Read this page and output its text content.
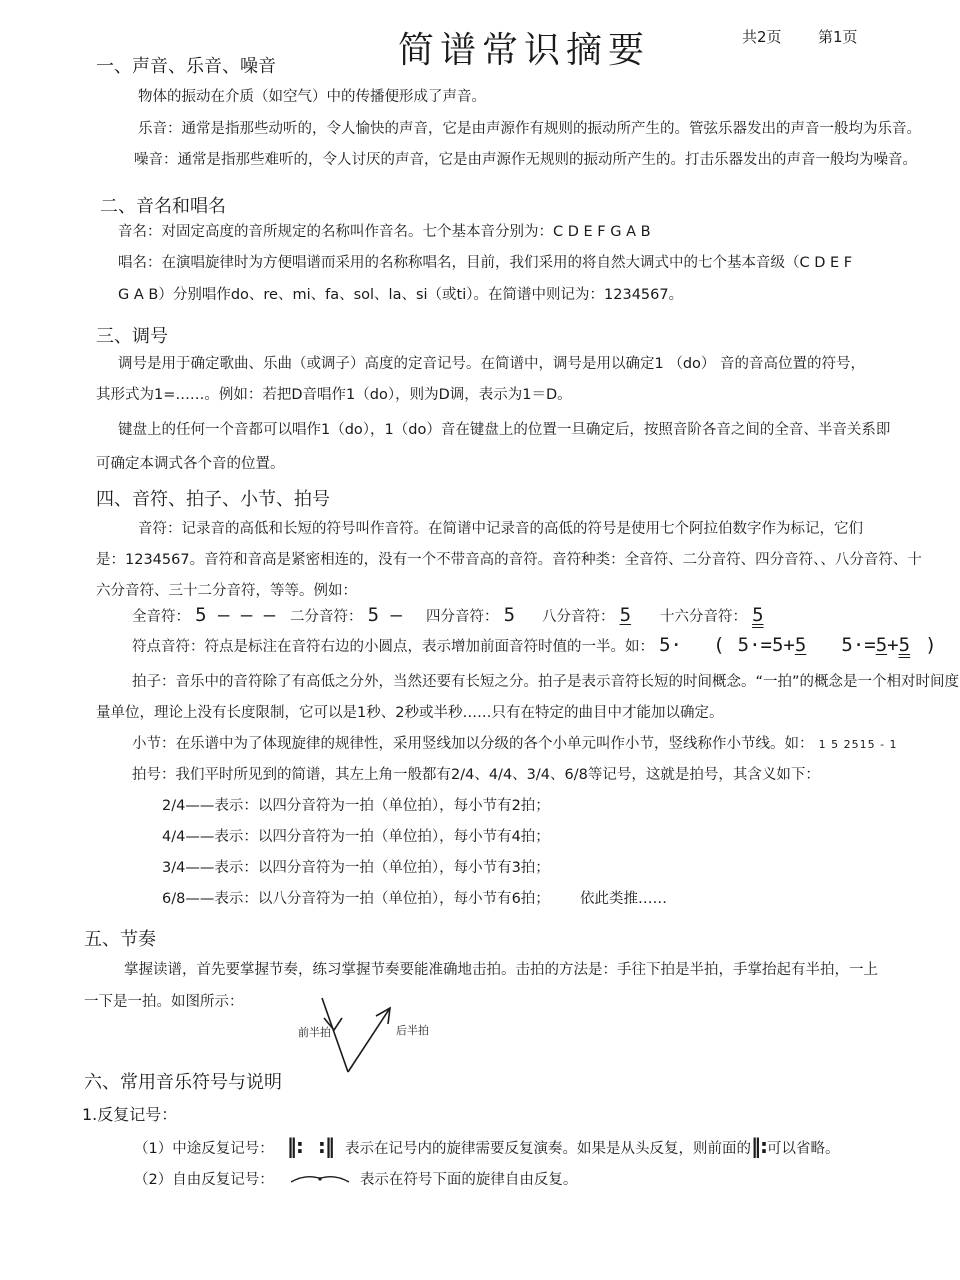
简谱常识摘要	共2页 第1页
一、声音、乐音、噪音
物体的振动在介质（如空气）中的传播便形成了声音。
乐音：通常是指那些动听的，令人愉快的声音，它是由声源作有规则的振动所产生的。管弦乐器发出的声音一般均为乐音。
噪音：通常是指那些难听的，令人讨厌的声音，它是由声源作无规则的振动所产生的。打击乐器发出的声音一般均为噪音。
二、音名和唱名
音名：对固定高度的音所规定的名称叫作音名。七个基本音分别为：C D E F G A B
唱名：在演唱旋律时为方便唱谱而采用的名称称唱名，目前，我们采用的将自然大调式中的七个基本音级（C D E F
G A B）分别唱作do、re、mi、fa、sol、la、si（或ti）。在简谱中则记为：1234567。
三、调号
调号是用于确定歌曲、乐曲（或调子）高度的定音记号。在简谱中，调号是用以确定1 （do） 音的音高位置的符号，
其形式为1=……。例如：若把D音唱作1（do），则为D调，表示为1＝D。
键盘上的任何一个音都可以唱作1（do），1（do）音在键盘上的位置一旦确定后，按照音阶各音之间的全音、半音关系即
可确定本调式各个音的位置。
四、音符、拍子、小节、拍号
音符：记录音的高低和长短的符号叫作音符。在简谱中记录音的高低的符号是使用七个阿拉伯数字作为标记，它们
是：1234567。音符和音高是紧密相连的，没有一个不带音高的音符。音符种类：全音符、二分音符、四分音符、、八分音符、十
六分音符、三十二分音符，等等。例如：
全音符： 5 — — — 二分音符： 5 — 四分音符： 5 八分音符： 5 十六分音符： 5
符点音符：符点是标注在音符右边的小圆点，表示增加前面音符时值的一半。如： 5· ( 5·=5+5 5·=5+5 )
拍子：音乐中的音符除了有高低之分外，当然还要有长短之分。拍子是表示音符长短的时间概念。“一拍”的概念是一个相对时间度
量单位，理论上没有长度限制，它可以是1秒、2秒或半秒……只有在特定的曲目中才能加以确定。
小节：在乐谱中为了体现旋律的规律性，采用竖线加以分级的各个小单元叫作小节，竖线称作小节线。如： 1 5 2515 - 1
拍号：我们平时所见到的简谱，其左上角一般都有2/4、4/4、3/4、6/8等记号，这就是拍号，其含义如下：
2/4——表示：以四分音符为一拍（单位拍），每小节有2拍；
4/4——表示：以四分音符为一拍（单位拍），每小节有4拍；
3/4——表示：以四分音符为一拍（单位拍），每小节有3拍；
6/8——表示：以八分音符为一拍（单位拍），每小节有6拍； 依此类推……
五、节奏
掌握读谱，首先要掌握节奏，练习掌握节奏要能准确地击拍。击拍的方法是：手往下拍是半拍，手掌抬起有半拍，一上
一下是一拍。如图所示：
前半拍	后半拍
六、常用音乐符号与说明
1.反复记号：
（1）中途反复记号： ‖: :‖ 表示在记号内的旋律需要反复演奏。如果是从头反复，则前面的‖:可以省略。
（2）自由反复记号：	表示在符号下面的旋律自由反复。
